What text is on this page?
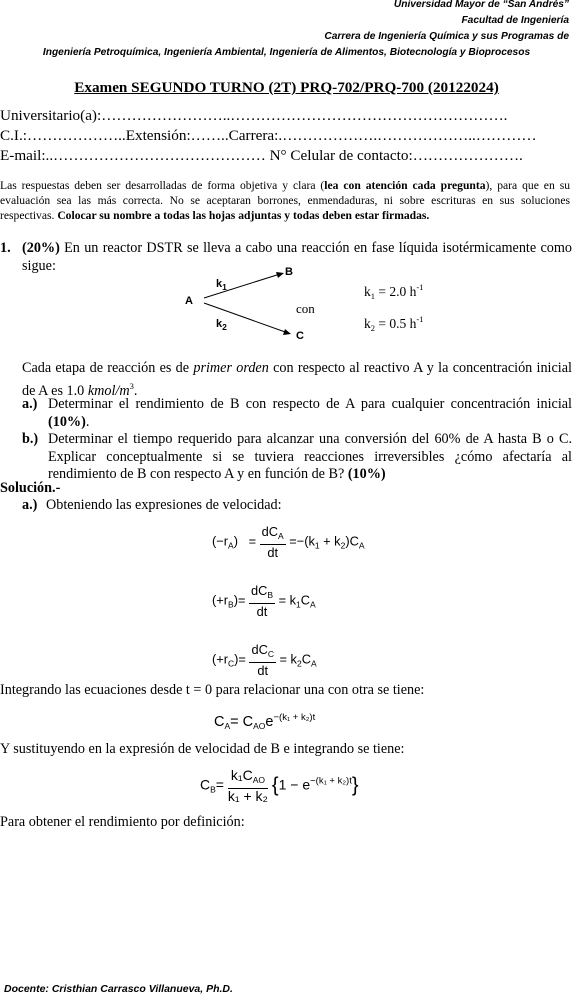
Universidad Mayor de “San Andrés”
Facultad de Ingeniería
Carrera de Ingeniería Química y sus Programas de
Ingeniería Petroquímica, Ingeniería Ambiental, Ingeniería de Alimentos, Biotecnología y Bioprocesos
Examen SEGUNDO TURNO (2T) PRQ-702/PRQ-700 (20122024)
Universitario(a):……………………..……………………………………………….
C.I.:………………..Extensión:……..Carrera:.……………….………………..…………
E-mail:..…………………………………… N° Celular de contacto:………………….
Las respuestas deben ser desarrolladas de forma objetiva y clara (lea con atención cada pregunta), para que en su evaluación sea las más correcta. No se aceptaran borrones, enmendaduras, ni sobre escrituras en sus soluciones respectivas. Colocar su nombre a todas las hojas adjuntas y todas deben estar firmadas.
1. (20%) En un reactor DSTR se lleva a cabo una reacción en fase líquida isotérmicamente como sigue:
A
B
C
$k_1$
$k_2$
con
$k_1 = 2.0$ $h^{-1}$
$k_2 = 0.5$ $h^{-1}$
Cada etapa de reacción es de primer orden con respecto al reactivo A y la concentración inicial de A es 1.0 kmol/$m^3$.
a.) Determinar el rendimiento de B con respecto de A para cualquier concentración inicial (10%).
b.) Determinar el tiempo requerido para alcanzar una conversión del 60% de A hasta B o C. Explicar conceptualmente si se tuviera reacciones irreversibles ¿cómo afectaría al rendimiento de B con respecto A y en función de B? (10%)
Solución.-
a.) Obteniendo las expresiones de velocidad:
$(-r_A) = \frac{dC_A}{dt} =-(k_1 + k_2)C_A$
$(+r_B)= \frac{dC_B}{dt} = k_1C_A$
$(+r_C)= \frac{dC_C}{dt} = k_2C_A$
Integrando las ecuaciones desde t = 0 para relacionar una con otra se tiene:
$C_A= C_{AO}e^{-(k_1 + k_2)t}$
Y sustituyendo en la expresión de velocidad de B e integrando se tiene:
$C_B= \frac{k_1C_{AO}}{\text{k₁ + k₂}} \{1 - e^{-(k_1 + k_2)t}\}$
Para obtener el rendimiento por definición:
Docente: Cristhian Carrasco Villanueva, Ph.D.
